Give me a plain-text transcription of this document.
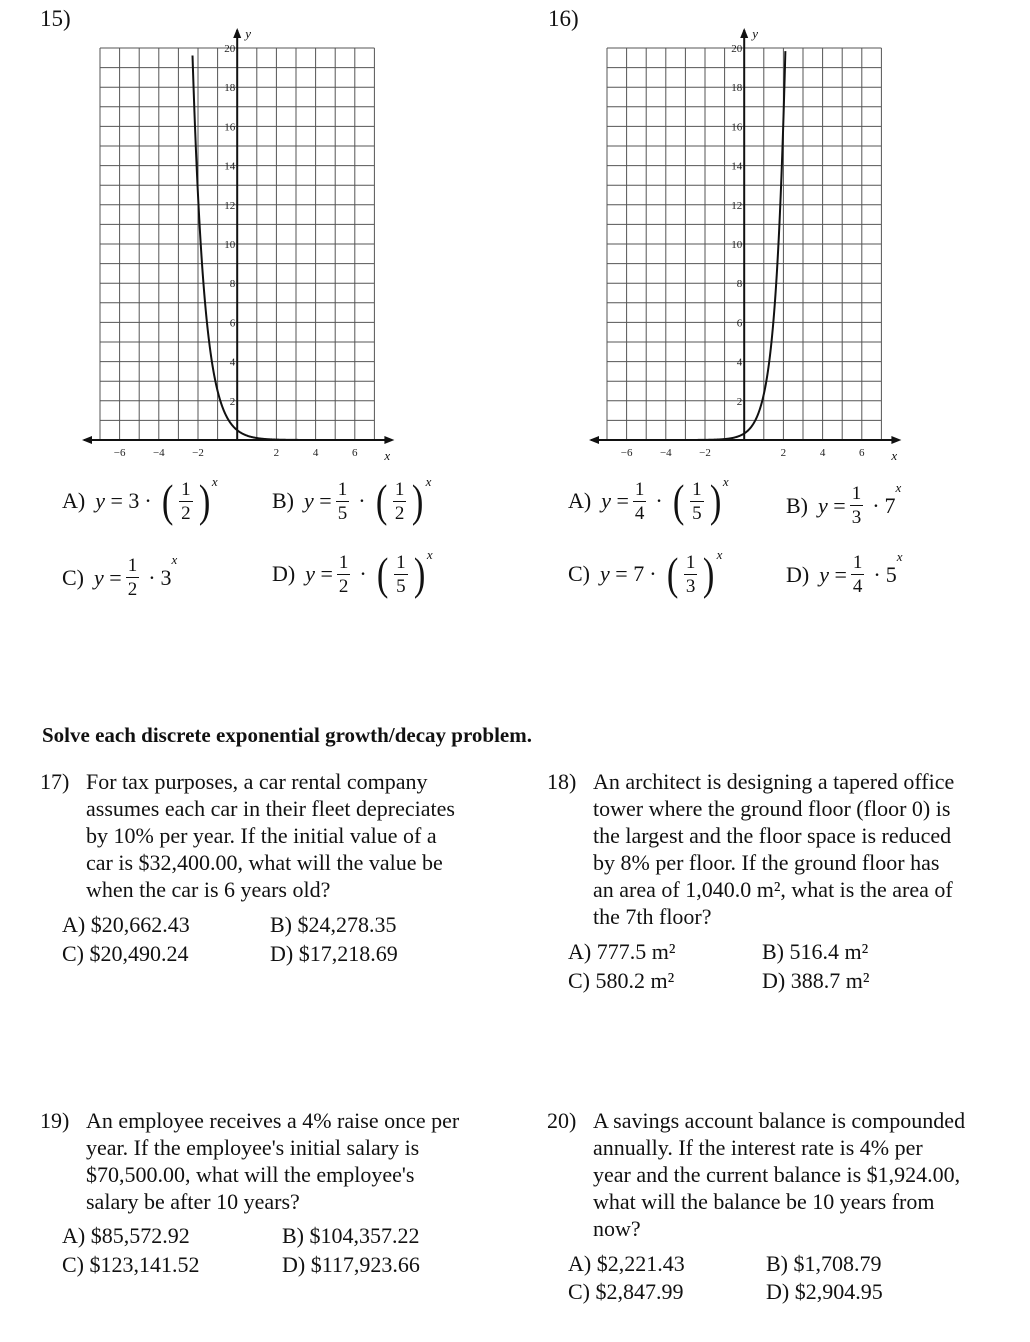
15)
x
y
−6 −4 −2	2	4	6
2
4
6
8
10
12
14
16
18
20
16)
x
y
−6 −4 −2	2	4	6
2
4
6
8
10
12
14
16
18
20
A) y = 3 · ( $\frac{1}{2}$ ) x
B) $y = \frac{1}{5}$ · ( $\frac{1}{2}$ ) x
C) $y = \frac{1}{2} \cdot 3$
x
D) $y = \frac{1}{2}$ · ( $\frac{1}{5}$ ) x
A) $y = \frac{1}{4}$ · ( $\frac{1}{5}$ ) x
B) $y = \frac{1}{3} \cdot 7$
x
C) y = 7 · ( $\frac{1}{3}$ ) x
D) $y = \frac{1}{4} \cdot 5$
x
Solve each discrete exponential growth/decay problem.
17) For tax purposes, a car rental company
assumes each car in their fleet depreciates
by 10% per year. If the initial value of a
car is $32,400.00, what will the value be
when the car is 6 years old?
A) $20,662.43	B) $24,278.35
C) $20,490.24	D) $17,218.69
18) An architect is designing a tapered office
tower where the ground floor (floor 0) is
the largest and the floor space is reduced
by 8% per floor. If the ground floor has
an area of 1,040.0 m², what is the area of
the 7th floor?
A) 777.5 m²	B) 516.4 m²
C) 580.2 m²	D) 388.7 m²
19) An employee receives a 4% raise once per
year. If the employee's initial salary is
$70,500.00, what will the employee's
salary be after 10 years?
A) $85,572.92	B) $104,357.22
C) $123,141.52	D) $117,923.66
20) A savings account balance is compounded
annually. If the interest rate is 4% per
year and the current balance is $1,924.00,
what will the balance be 10 years from
now?
A) $2,221.43	B) $1,708.79
C) $2,847.99	D) $2,904.95
